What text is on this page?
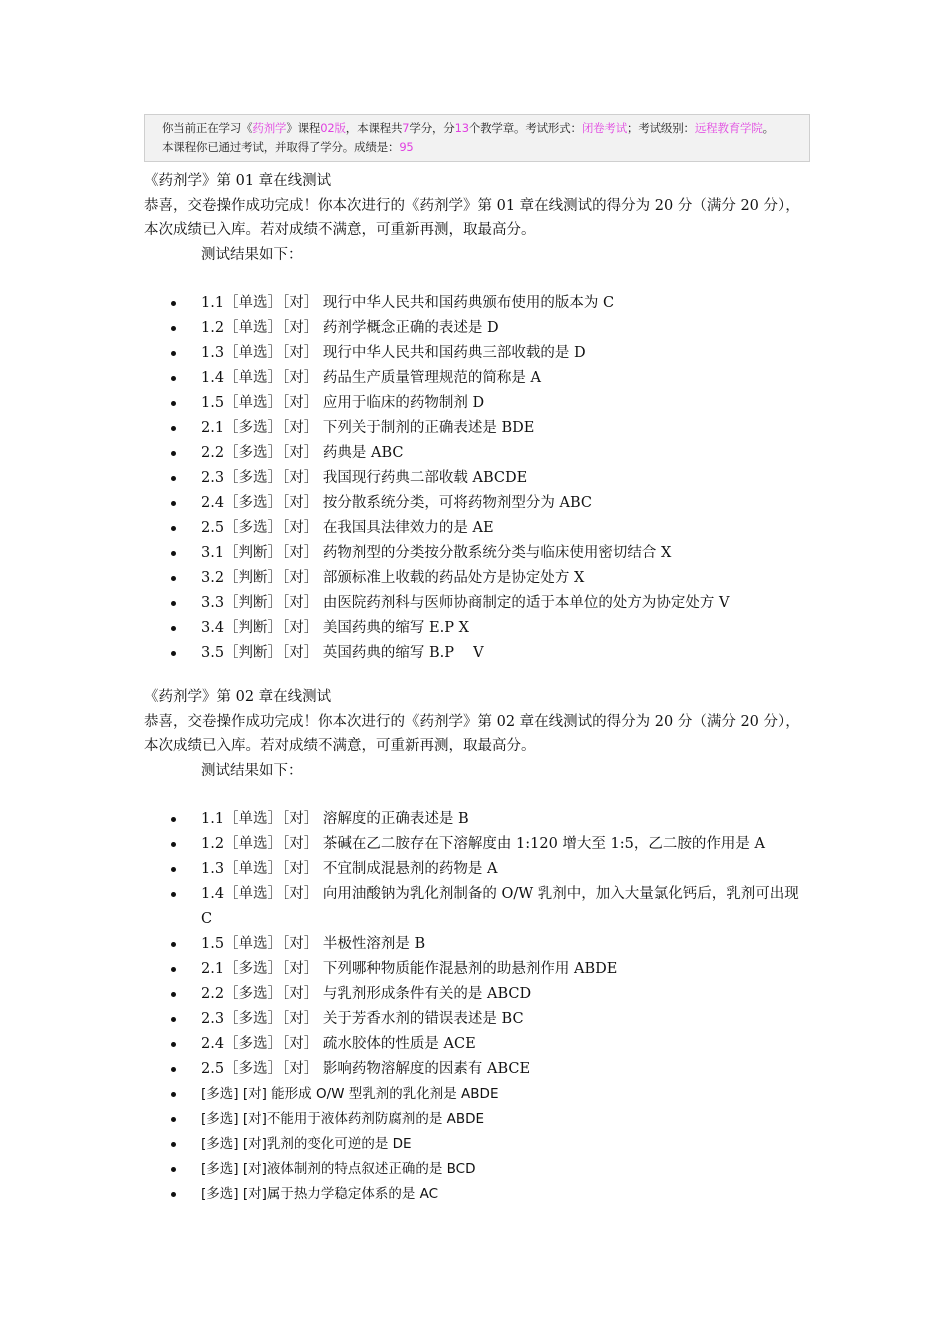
你当前正在学习《药剂学》课程02版，本课程共7学分，分13个教学章。考试形式：闭卷考试；考试级别：远程教育学院。
本课程你已通过考试，并取得了学分。成绩是：95

《药剂学》第 01 章在线测试

恭喜，交卷操作成功完成！你本次进行的《药剂学》第 01 章在线测试的得分为 20 分（满分 20 分），本次成绩已入库。若对成绩不满意，可重新再测，取最高分。

测试结果如下：

1.1［单选］［对］ 现行中华人民共和国药典颁布使用的版本为 C
1.2［单选］［对］ 药剂学概念正确的表述是 D
1.3［单选］［对］ 现行中华人民共和国药典三部收载的是 D
1.4［单选］［对］ 药品生产质量管理规范的简称是 A
1.5［单选］［对］ 应用于临床的药物制剂 D
2.1［多选］［对］ 下列关于制剂的正确表述是 BDE
2.2［多选］［对］ 药典是 ABC
2.3［多选］［对］ 我国现行药典二部收载 ABCDE
2.4［多选］［对］ 按分散系统分类，可将药物剂型分为 ABC
2.5［多选］［对］ 在我国具法律效力的是 AE
3.1［判断］［对］ 药物剂型的分类按分散系统分类与临床使用密切结合 X
3.2［判断］［对］ 部颁标准上收载的药品处方是协定处方 X
3.3［判断］［对］ 由医院药剂科与医师协商制定的适于本单位的处方为协定处方 V
3.4［判断］［对］ 美国药典的缩写 E.P X
3.5［判断］［对］ 英国药典的缩写 B.P　 V

《药剂学》第 02 章在线测试

恭喜，交卷操作成功完成！你本次进行的《药剂学》第 02 章在线测试的得分为 20 分（满分 20 分），本次成绩已入库。若对成绩不满意，可重新再测，取最高分。

测试结果如下：

1.1［单选］［对］ 溶解度的正确表述是 B
1.2［单选］［对］ 茶碱在乙二胺存在下溶解度由 1:120 增大至 1:5，乙二胺的作用是 A
1.3［单选］［对］ 不宜制成混悬剂的药物是 A
1.4［单选］［对］ 向用油酸钠为乳化剂制备的 O/W 乳剂中，加入大量氯化钙后，乳剂可出现 C
1.5［单选］［对］ 半极性溶剂是 B
2.1［多选］［对］ 下列哪种物质能作混悬剂的助悬剂作用 ABDE
2.2［多选］［对］ 与乳剂形成条件有关的是 ABCD
2.3［多选］［对］ 关于芳香水剂的错误表述是 BC
2.4［多选］［对］ 疏水胶体的性质是 ACE
2.5［多选］［对］ 影响药物溶解度的因素有 ABCE
[多选] [对] 能形成 O/W 型乳剂的乳化剂是 ABDE
[多选] [对]不能用于液体药剂防腐剂的是 ABDE
[多选] [对]乳剂的变化可逆的是 DE
[多选] [对]液体制剂的特点叙述正确的是 BCD
[多选] [对]属于热力学稳定体系的是 AC
